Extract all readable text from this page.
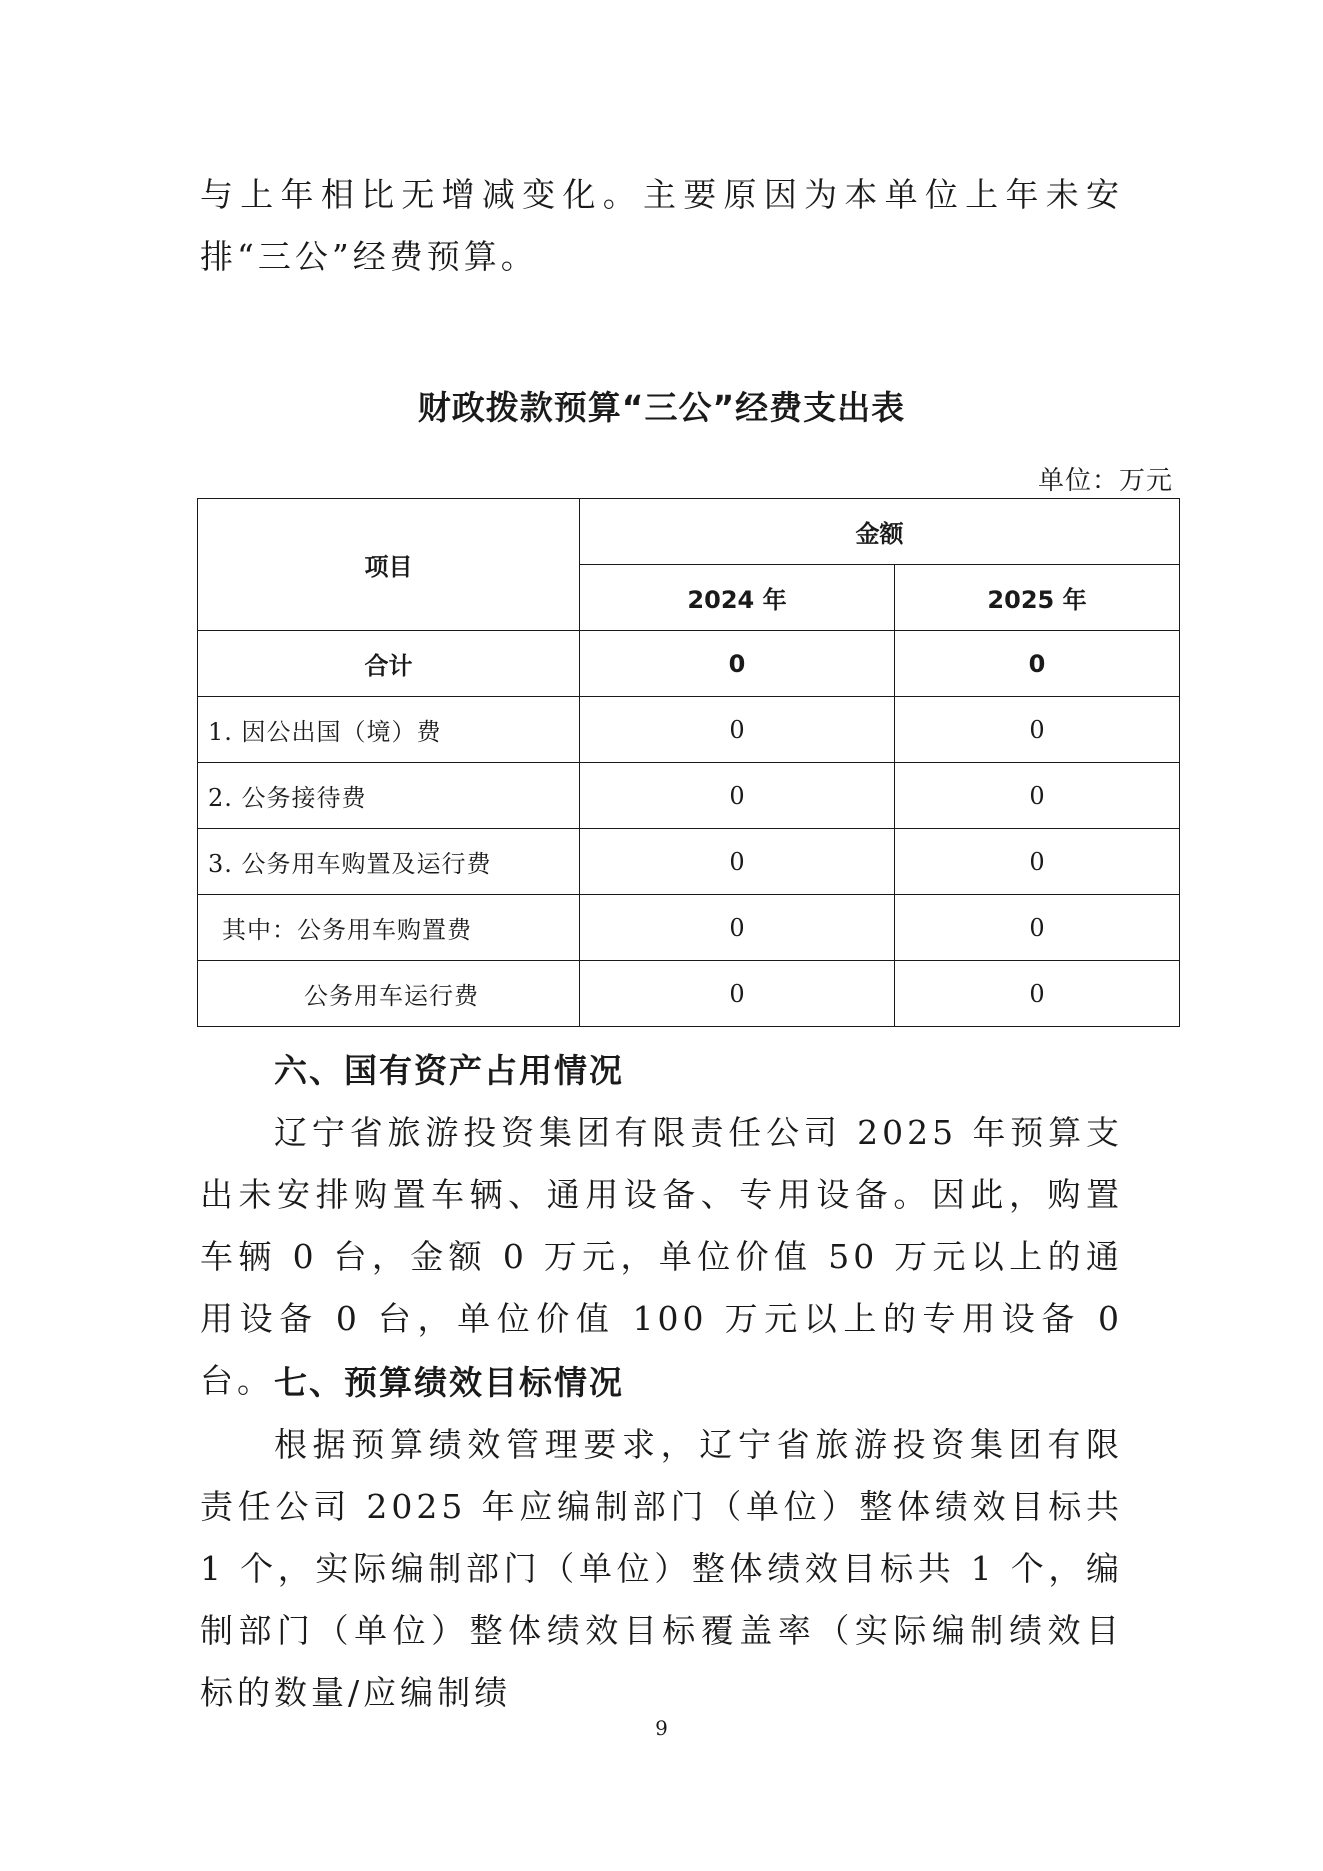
与上年相比无增减变化。主要原因为本单位上年未安排“三公”经费预算。

财政拨款预算“三公”经费支出表
单位：万元
项目	金额	
	2024 年	2025 年
合计	0	0
1. 因公出国（境）费	0	0
2. 公务接待费	0	0
3. 公务用车购置及运行费	0	0
其中：公务用车购置费	0	0
公务用车运行费	0	0
六、国有资产占用情况

辽宁省旅游投资集团有限责任公司 2025 年预算支出未安排购置车辆、通用设备、专用设备。因此，购置车辆 0 台，金额 0 万元，单位价值 50 万元以上的通用设备 0 台，单位价值 100 万元以上的专用设备 0 台。 七、预算绩效目标情况

根据预算绩效管理要求，辽宁省旅游投资集团有限责任公司 2025 年应编制部门（单位）整体绩效目标共 1 个，实际编制部门（单位）整体绩效目标共 1 个，编制部门（单位）整体绩效目标覆盖率（实际编制绩效目标的数量/应编制绩

9
